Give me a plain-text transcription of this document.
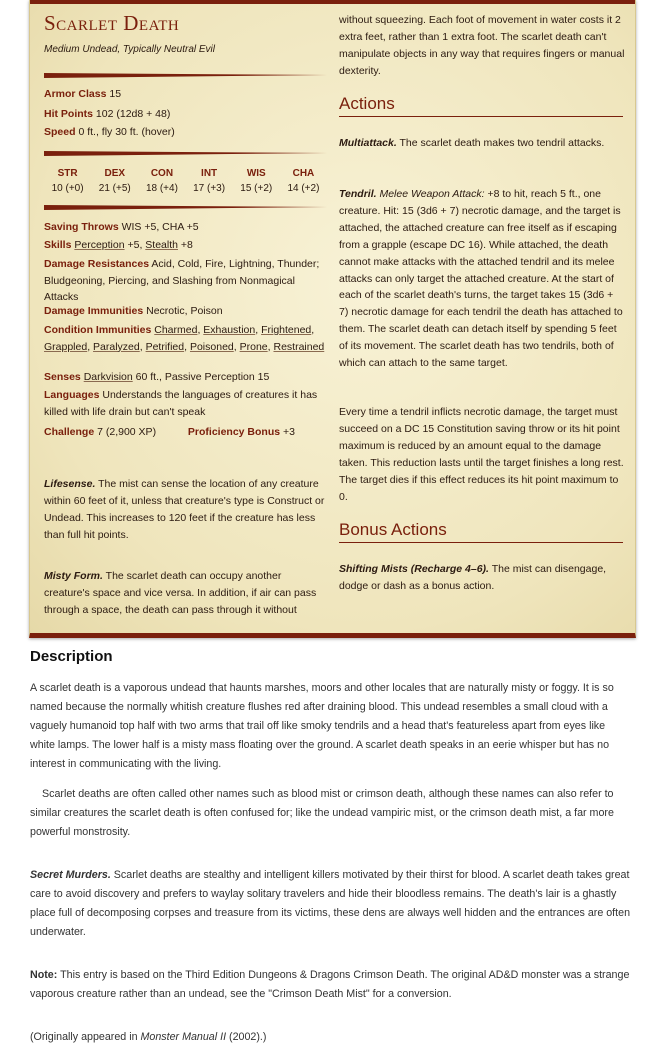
Scarlet Death
Medium Undead, Typically Neutral Evil
Armor Class 15
Hit Points 102 (12d8 + 48)
Speed 0 ft., fly 30 ft. (hover)
STR
10 (+0)
DEX
21 (+5)
CON
18 (+4)
INT
17 (+3)
WIS
15 (+2)
CHA
14 (+2)
Saving Throws WIS +5, CHA +5
Skills Perception +5, Stealth +8
Damage Resistances Acid, Cold, Fire, Lightning, Thunder; Bludgeoning, Piercing, and Slashing from Nonmagical Attacks
Damage Immunities Necrotic, Poison
Condition Immunities Charmed, Exhaustion, Frightened, Grappled, Paralyzed, Petrified, Poisoned, Prone, Restrained
Senses Darkvision 60 ft., Passive Perception 15
Languages Understands the languages of creatures it has killed with life drain but can't speak
Challenge 7 (2,900 XP)	Proficiency Bonus +3
Lifesense. The mist can sense the location of any creature within 60 feet of it, unless that creature's type is Construct or Undead. This increases to 120 feet if the creature has less than full hit points.
Misty Form. The scarlet death can occupy another creature's space and vice versa. In addition, if air can pass through a space, the death can pass through it without
without squeezing. Each foot of movement in water costs it 2 extra feet, rather than 1 extra foot. The scarlet death can't manipulate objects in any way that requires fingers or manual dexterity.
Actions
Multiattack. The scarlet death makes two tendril attacks.
Tendril. Melee Weapon Attack: +8 to hit, reach 5 ft., one creature. Hit: 15 (3d6 + 7) necrotic damage, and the target is attached, the attached creature can free itself as if escaping from a grapple (escape DC 16). While attached, the death cannot make attacks with the attached tendril and its melee attacks can only target the attached creature. At the start of each of the scarlet death's turns, the target takes 15 (3d6 + 7) necrotic damage for each tendril the death has attached to them. The scarlet death can detach itself by spending 5 feet of its movement. The scarlet death has two tendrils, both of which can attach to the same target.
Every time a tendril inflicts necrotic damage, the target must succeed on a DC 15 Constitution saving throw or its hit point maximum is reduced by an amount equal to the damage taken. This reduction lasts until the target finishes a long rest. The target dies if this effect reduces its hit point maximum to 0.
Bonus Actions
Shifting Mists (Recharge 4–6). The mist can disengage, dodge or dash as a bonus action.
Description

A scarlet death is a vaporous undead that haunts marshes, moors and other locales that are naturally misty or foggy. It is so named because the normally whitish creature flushes red after draining blood. This undead resembles a small cloud with a vaguely humanoid top half with two arms that trail off like smoky tendrils and a head that's featureless apart from eyes like white lamps. The lower half is a misty mass floating over the ground. A scarlet death speaks in an eerie whisper but has no interest in communicating with the living.

Scarlet deaths are often called other names such as blood mist or crimson death, although these names can also refer to similar creatures the scarlet death is often confused for; like the undead vampiric mist, or the crimson death mist, a far more powerful monstrosity.

Secret Murders. Scarlet deaths are stealthy and intelligent killers motivated by their thirst for blood. A scarlet death takes great care to avoid discovery and prefers to waylay solitary travelers and hide their bloodless remains. The death's lair is a ghastly place full of decomposing corpses and treasure from its victims, these dens are always well hidden and the entrances are often underwater.

Note: This entry is based on the Third Edition Dungeons & Dragons Crimson Death. The original AD&D monster was a strange vaporous creature rather than an undead, see the "Crimson Death Mist" for a conversion.

(Originally appeared in Monster Manual II (2002).)
